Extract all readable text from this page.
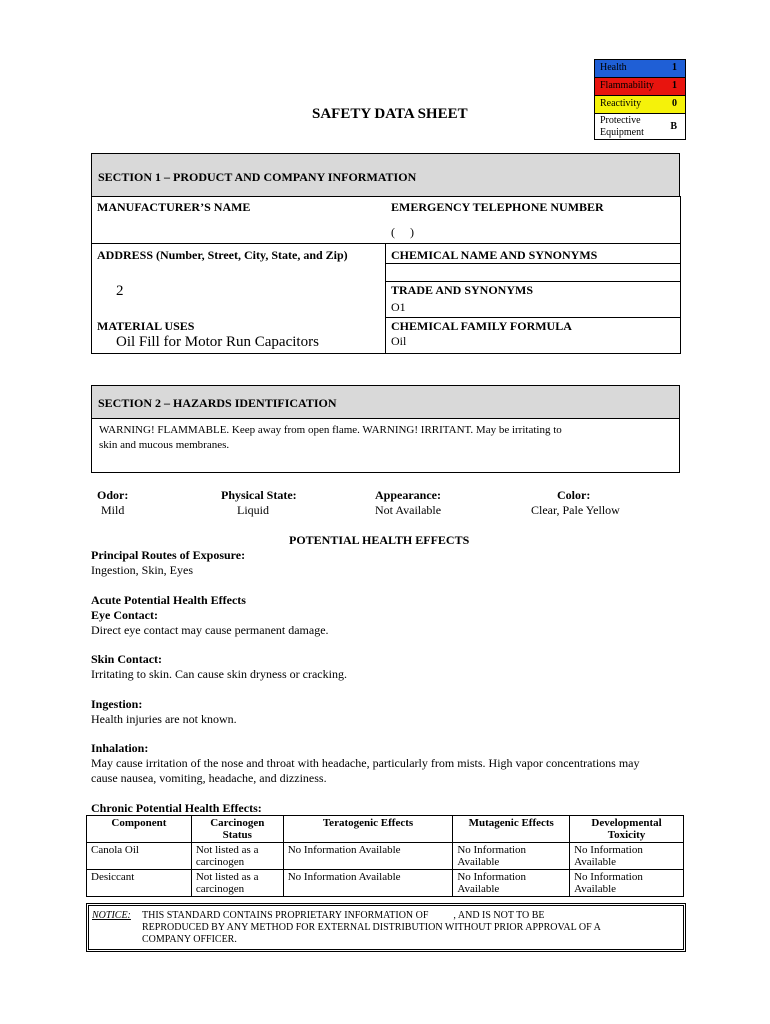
Health	1
Flammability 1
Reactivity	0
Protective
Equipment
B
SAFETY DATA SHEET
SECTION 1 – PRODUCT AND COMPANY INFORMATION
MANUFACTURER’S NAME	EMERGENCY TELEPHONE NUMBER
(     )
ADDRESS (Number, Street, City, State, and Zip)	CHEMICAL NAME AND SYNONYMS
2	TRADE AND SYNONYMS
O1
MATERIAL USES	CHEMICAL FAMILY FORMULA
Oil Fill for Motor Run Capacitors	Oil
SECTION 2 – HAZARDS IDENTIFICATION
WARNING! FLAMMABLE. Keep away from open flame. WARNING! IRRITANT. May be irritating to
skin and mucous membranes.
Odor:
Mild
Physical State:
Liquid
Appearance:
Not Available
Color:
Clear, Pale Yellow
POTENTIAL HEALTH EFFECTS
Principal Routes of Exposure:
Ingestion, Skin, Eyes
Acute Potential Health Effects
Eye Contact:
Direct eye contact may cause permanent damage.
Skin Contact:
Irritating to skin. Can cause skin dryness or cracking.
Ingestion:
Health injuries are not known.
Inhalation:
May cause irritation of the nose and throat with headache, particularly from mists. High vapor concentrations may
cause nausea, vomiting, headache, and dizziness.
Chronic Potential Health Effects:
Component	Carcinogen Status	Teratogenic Effects	Mutagenic Effects	Developmental Toxicity
Canola Oil	Not listed as a carcinogen	No Information Available	No Information Available	No Information Available
Desiccant	Not listed as a carcinogen	No Information Available	No Information Available	No Information Available
NOTICE: THIS STANDARD CONTAINS PROPRIETARY INFORMATION OF          , AND IS NOT TO BE
REPRODUCED BY ANY METHOD FOR EXTERNAL DISTRIBUTION WITHOUT PRIOR APPROVAL OF A
COMPANY OFFICER.
